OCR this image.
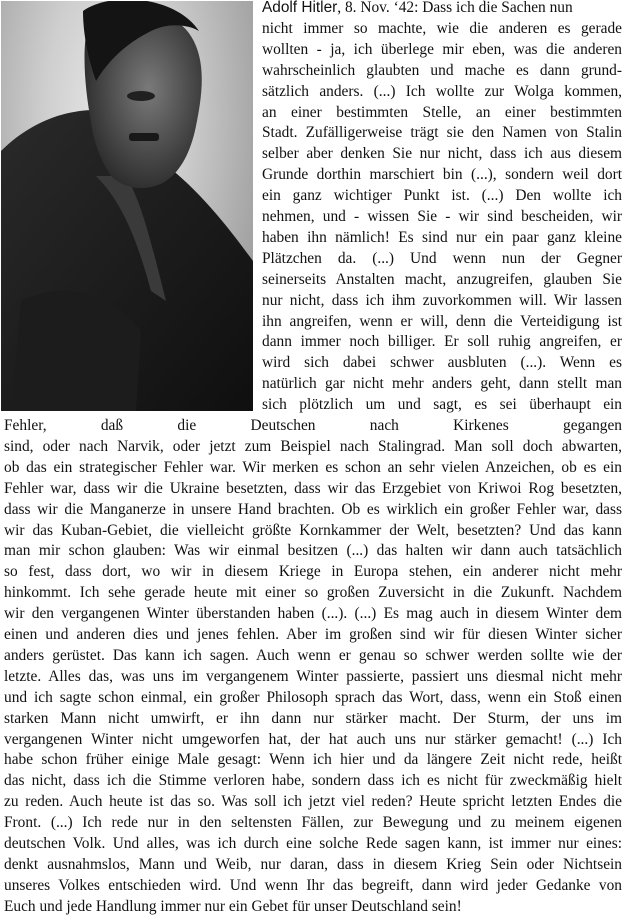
Adolf Hitler, 8. Nov. ‘42: Dass ich die Sachen nun
nicht immer so machte, wie die anderen es gerade
wollten - ja, ich überlege mir eben, was die anderen
wahrscheinlich glaubten und mache es dann grund-
sätzlich anders. (...) Ich wollte zur Wolga kommen,
an einer bestimmten Stelle, an einer bestimmten
Stadt. Zufälligerweise trägt sie den Namen von Stalin
selber aber denken Sie nur nicht, dass ich aus diesem
Grunde dorthin marschiert bin (...), sondern weil dort
ein ganz wichtiger Punkt ist. (...) Den wollte ich
nehmen, und - wissen Sie - wir sind bescheiden, wir
haben ihn nämlich! Es sind nur ein paar ganz kleine
Plätzchen da. (...) Und wenn nun der Gegner
seinerseits Anstalten macht, anzugreifen, glauben Sie
nur nicht, dass ich ihm zuvorkommen will. Wir lassen
ihn angreifen, wenn er will, denn die Verteidigung ist
dann immer noch billiger. Er soll ruhig angreifen, er
wird sich dabei schwer ausbluten (...). Wenn es
natürlich gar nicht mehr anders geht, dann stellt man
sich plötzlich um und sagt, es sei überhaupt ein
Fehler, daß die Deutschen nach Kirkenes gegangen
sind, oder nach Narvik, oder jetzt zum Beispiel nach Stalingrad. Man soll doch abwarten,
ob das ein strategischer Fehler war. Wir merken es schon an sehr vielen Anzeichen, ob es ein
Fehler war, dass wir die Ukraine besetzten, dass wir das Erzgebiet von Kriwoi Rog besetzten,
dass wir die Manganerze in unsere Hand brachten. Ob es wirklich ein großer Fehler war, dass
wir das Kuban-Gebiet, die vielleicht größte Kornkammer der Welt, besetzten? Und das kann
man mir schon glauben: Was wir einmal besitzen (...) das halten wir dann auch tatsächlich
so fest, dass dort, wo wir in diesem Kriege in Europa stehen, ein anderer nicht mehr
hinkommt. Ich sehe gerade heute mit einer so großen Zuversicht in die Zukunft. Nachdem
wir den vergangenen Winter überstanden haben (...). (...) Es mag auch in diesem Winter dem
einen und anderen dies und jenes fehlen. Aber im großen sind wir für diesen Winter sicher
anders gerüstet. Das kann ich sagen. Auch wenn er genau so schwer werden sollte wie der
letzte. Alles das, was uns im vergangenem Winter passierte, passiert uns diesmal nicht mehr
und ich sagte schon einmal, ein großer Philosoph sprach das Wort, dass, wenn ein Stoß einen
starken Mann nicht umwirft, er ihn dann nur stärker macht. Der Sturm, der uns im
vergangenen Winter nicht umgeworfen hat, der hat auch uns nur stärker gemacht! (...) Ich
habe schon früher einige Male gesagt: Wenn ich hier und da längere Zeit nicht rede, heißt
das nicht, dass ich die Stimme verloren habe, sondern dass ich es nicht für zweckmäßig hielt
zu reden. Auch heute ist das so. Was soll ich jetzt viel reden? Heute spricht letzten Endes die
Front. (...) Ich rede nur in den seltensten Fällen, zur Bewegung und zu meinem eigenen
deutschen Volk. Und alles, was ich durch eine solche Rede sagen kann, ist immer nur eines:
denkt ausnahmslos, Mann und Weib, nur daran, dass in diesem Krieg Sein oder Nichtsein
unseres Volkes entschieden wird. Und wenn Ihr das begreift, dann wird jeder Gedanke von
Euch und jede Handlung immer nur ein Gebet für unser Deutschland sein!
